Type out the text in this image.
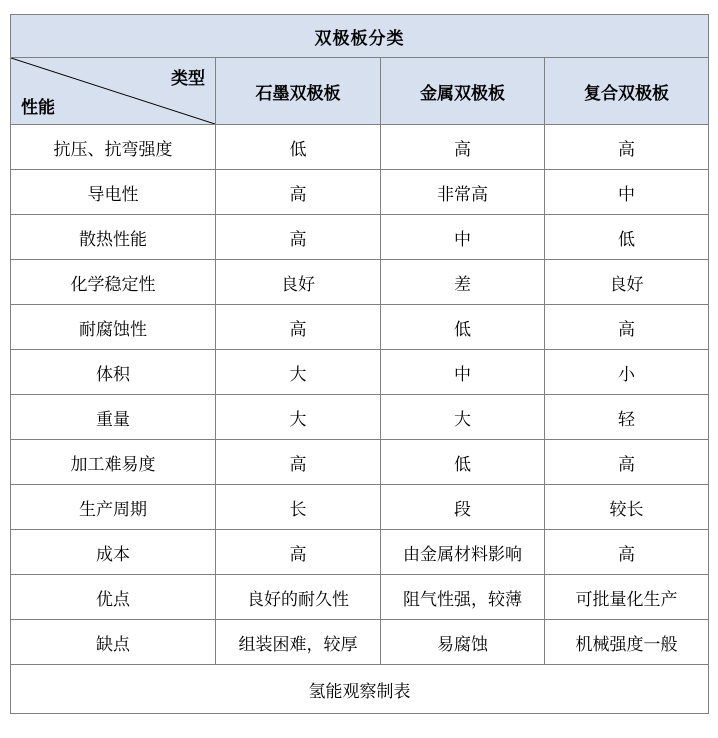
双极板分类			

类型
性能	石墨双极板	金属双极板	复合双极板
抗压、抗弯强度	低	高	高
导电性	高	非常高	中
散热性能	高	中	低
化学稳定性	良好	差	良好
耐腐蚀性	高	低	高
体积	大	中	小
重量	大	大	轻
加工难易度	高	低	高
生产周期	长	段	较长
成本	高	由金属材料影响	高
优点	良好的耐久性	阻气性强，较薄	可批量化生产
缺点	组装困难，较厚	易腐蚀	机械强度一般
氢能观察制表			
